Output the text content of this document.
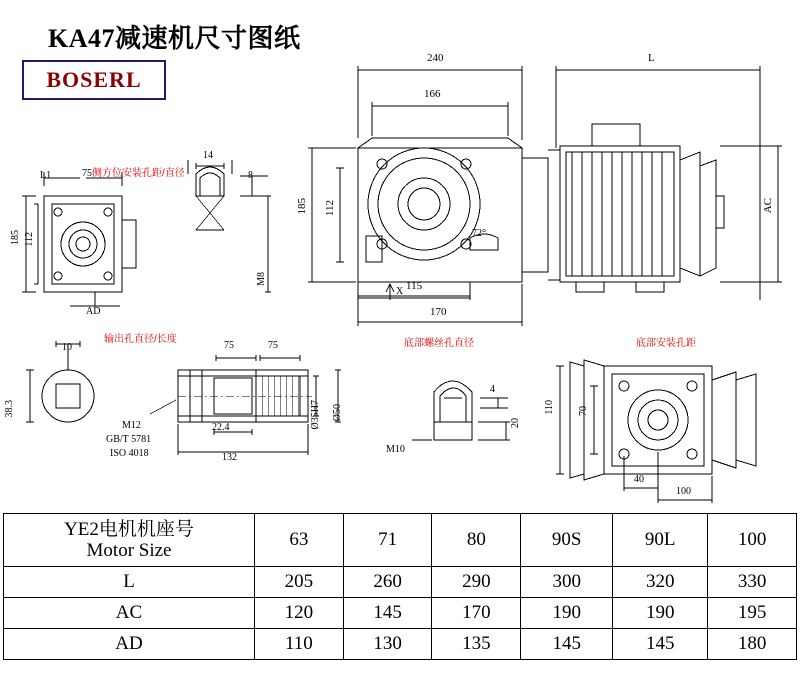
KA47减速机尺寸图纸
BOSERL
侧方位安装孔距/直径
输出孔直径/长度	底部螺丝孔直径	底部安装孔距
L1	75
185 112
AD
14
8
M8
240	L
166
185 112	AC
115
170
X
72°
10
38.3
75	75
M12
GB/T 5781
ISO 4018
22.4
132
Ø35H7 Ø50
M10
4
20
110 70
40
100
YE2电机机座号
Motor Size	63	71	80	90S	90L	100
L	205	260	290	300	320	330
AC	120	145	170	190	190	195
AD	110	130	135	145	145	180
